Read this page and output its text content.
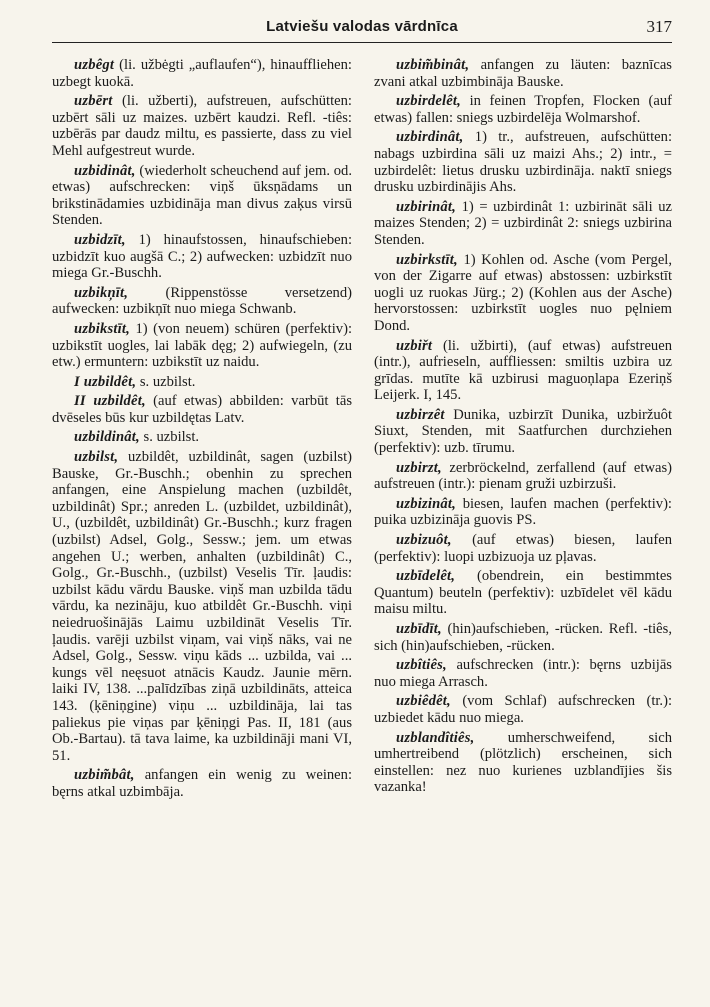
Latviešu valodas vārdnīca	317

uzbêgt (li. užbėgti „auflaufen“), hinauffliehen: uzbegt kuokā.

uzbērt (li. užberti), aufstreuen, aufschütten: uzbērt sāli uz maizes. uzbērt kaudzi. Refl. -tiês: uzbērās par daudz miltu, es passierte, dass zu viel Mehl aufgestreut wurde.

uzbidinât, (wiederholt scheuchend auf jem. od. etwas) aufschrecken: viņš ūksņādams un brikstinādamies uzbidināja man divus zaķus virsū Stenden.

uzbidzīt, 1) hinaufstossen, hinaufschieben: uzbidzīt kuo augšā C.; 2) aufwecken: uzbidzīt nuo miega Gr.-Buschh.

uzbikņīt, (Rippenstösse versetzend) aufwecken: uzbikņīt nuo miega Schwanb.

uzbikstīt, 1) (von neuem) schüren (perfektiv): uzbikstīt uogles, lai labāk dęg; 2) aufwiegeln, (zu etw.) ermuntern: uzbikstīt uz naidu.

I uzbildêt, s. uzbilst.

II uzbildêt, (auf etwas) abbilden: varbūt tās dvēseles būs kur uzbildętas Latv.

uzbildinât, s. uzbilst.

uzbilst, uzbildêt, uzbildinât, sagen (uzbilst) Bauske, Gr.-Buschh.; obenhin zu sprechen anfangen, eine Anspielung machen (uzbildêt, uzbildinât) Spr.; anreden L. (uzbildet, uzbildinât), U., (uzbildêt, uzbildinât) Gr.-Buschh.; kurz fragen (uzbilst) Adsel, Golg., Sessw.; jem. um etwas angehen U.; werben, anhalten (uzbildinât) C., Golg., Gr.-Buschh., (uzbilst) Veselis Tīr. ļaudis: uzbilst kādu vārdu Bauske. viņš man uzbilda tādu vārdu, ka nezināju, kuo atbildêt Gr.-Buschh. viņi neiedruošinājās Laimu uzbildināt Veselis Tīr. ļaudis. varēji uzbilst viņam, vai viņš nāks, vai ne Adsel, Golg., Sessw. viņu kāds ... uzbilda, vai ... kungs vēl neęsuot atnācis Kaudz. Jaunie mērn. laiki IV, 138. ...palīdzības ziņā uzbildināts, atteica 143. (ķēniņgine) viņu ... uzbildināja, lai tas paliekus pie viņas par ķēniņgi Pas. II, 181 (aus Ob.-Bartau). tā tava laime, ka uzbildināji mani VI, 51.

uzbim̃bât, anfangen ein wenig zu weinen: bęrns atkal uzbimbāja.

uzbim̃binât, anfangen zu läuten: baznīcas zvani atkal uzbimbināja Bauske.

uzbirdelêt, in feinen Tropfen, Flocken (auf etwas) fallen: sniegs uzbirdelēja Wolmarshof.

uzbirdinât, 1) tr., aufstreuen, aufschütten: nabags uzbirdina sāli uz maizi Ahs.; 2) intr., = uzbirdelêt: lietus drusku uzbirdināja. naktī sniegs drusku uzbirdinājis Ahs.

uzbirinât, 1) = uzbirdinât 1: uzbirināt sāli uz maizes Stenden; 2) = uzbirdinât 2: sniegs uzbirina Stenden.

uzbirkstīt, 1) Kohlen od. Asche (vom Pergel, von der Zigarre auf etwas) abstossen: uzbirkstīt uogli uz ruokas Jürg.; 2) (Kohlen aus der Asche) hervorstossen: uzbirkstīt uogles nuo pęlniem Dond.

uzbiřt (li. užbirti), (auf etwas) aufstreuen (intr.), aufrieseln, auffliessen: smiltis uzbira uz grīdas. mutīte kā uzbirusi maguoņlapa Ezeriņš Leijerk. I, 145.

uzbirzêt Dunika, uzbirzīt Dunika, uzbiržuôt Siuxt, Stenden, mit Saatfurchen durchziehen (perfektiv): uzb. tīrumu.

uzbirzt, zerbröckelnd, zerfallend (auf etwas) aufstreuen (intr.): pienam gruži uzbirzuši.

uzbizinât, biesen, laufen machen (perfektiv): puika uzbizināja guovis PS.

uzbizuôt, (auf etwas) biesen, laufen (perfektiv): luopi uzbizuoja uz pļavas.

uzbīdelêt, (obendrein, ein bestimmtes Quantum) beuteln (perfektiv): uzbīdelet vēl kādu maisu miltu.

uzbīdīt, (hin)aufschieben, -rücken. Refl. -tiês, sich (hin)aufschieben, -rücken.

uzbîtiês, aufschrecken (intr.): bęrns uzbijās nuo miega Arrasch.

uzbiêdêt, (vom Schlaf) aufschrecken (tr.): uzbiedet kādu nuo miega.

uzblandîtiês, umherschweifend, sich umhertreibend (plötzlich) erscheinen, sich einstellen: nez nuo kurienes uzblandījies šis vazanka!
